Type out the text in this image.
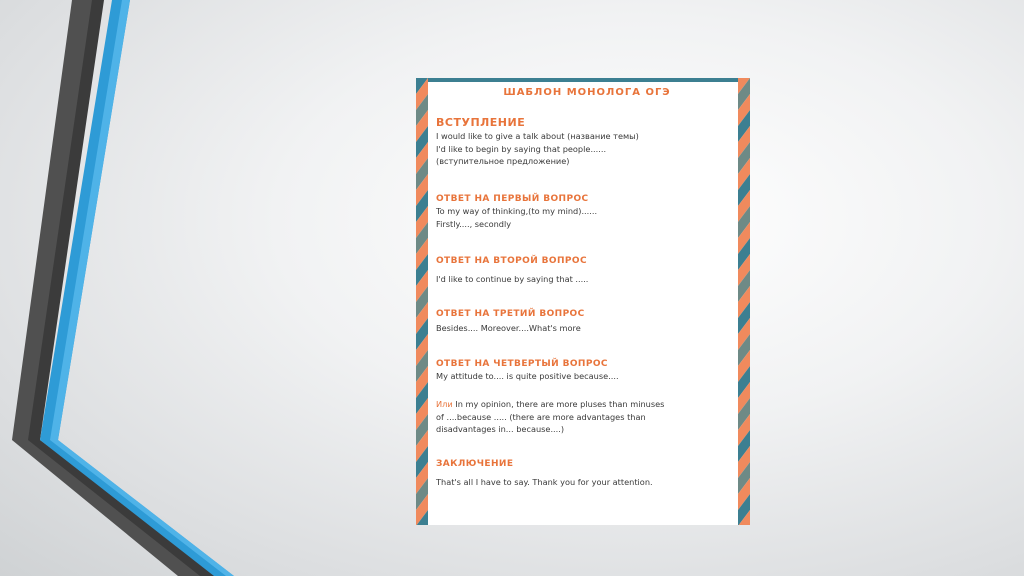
ШАБЛОН МОНОЛОГА ОГЭ

ВСТУПЛЕНИЕ

I would like to give a talk about (название темы)

I'd like to begin by saying that people......

(вступительное предложение)

ОТВЕТ НА ПЕРВЫЙ ВОПРОС

To my way of thinking,(to my mind)......

Firstly...., secondly

ОТВЕТ НА ВТОРОЙ ВОПРОС

I'd like to continue by saying that .....

ОТВЕТ НА ТРЕТИЙ ВОПРОС

Besides.... Moreover....What's more

ОТВЕТ НА ЧЕТВЕРТЫЙ ВОПРОС

My attitude to.... is quite positive because....

Или In my opinion, there are more pluses than minuses

of ....because ..... (there are more advantages than

disadvantages in... because....)

ЗАКЛЮЧЕНИЕ

That's all I have to say. Thank you for your attention.
